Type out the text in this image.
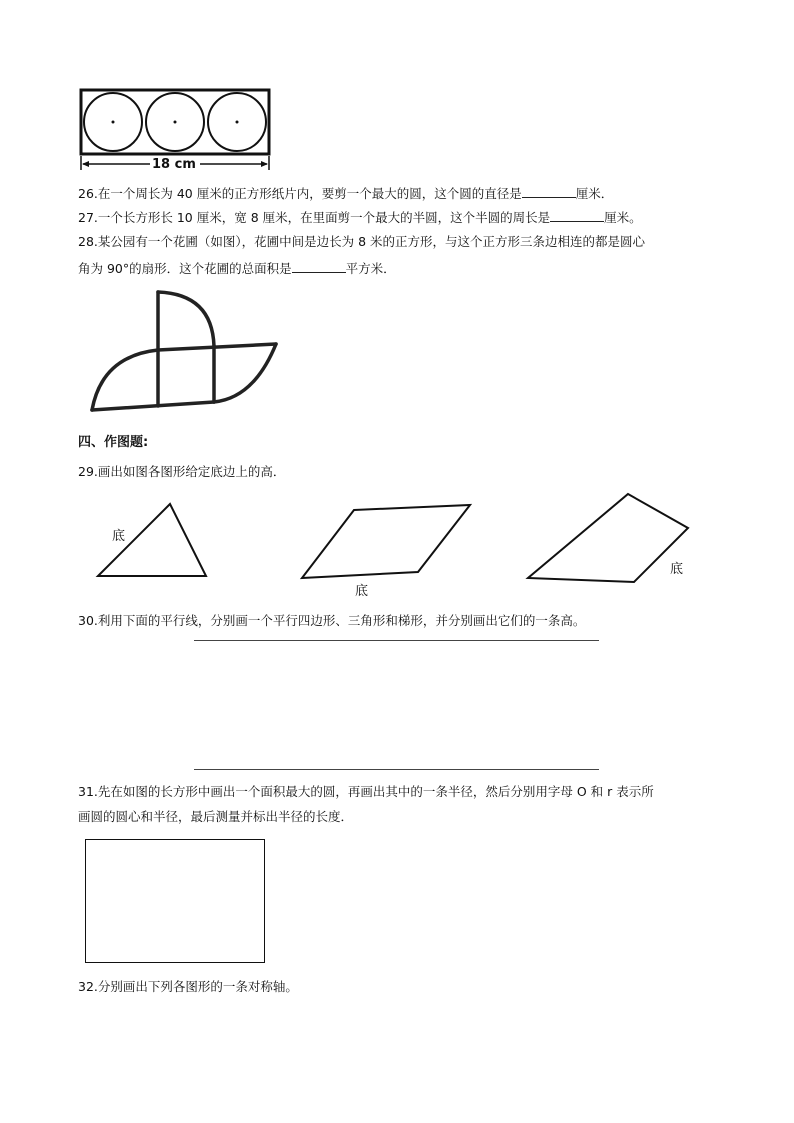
18 cm
26.在一个周长为 40 厘米的正方形纸片内，要剪一个最大的圆，这个圆的直径是	厘米．
27.一个长方形长 10 厘米，宽 8 厘米，在里面剪一个最大的半圆，这个半圆的周长是	厘米。
28.某公园有一个花圃（如图），花圃中间是边长为 8 米的正方形，与这个正方形三条边相连的都是圆心
角为 90°的扇形．这个花圃的总面积是	平方米．
四、作图题:
29.画出如图各图形给定底边上的高．
底
底
底
30.利用下面的平行线，分别画一个平行四边形、三角形和梯形，并分别画出它们的一条高。
31.先在如图的长方形中画出一个面积最大的圆，再画出其中的一条半径，然后分别用字母 O 和 r 表示所
画圆的圆心和半径，最后测量并标出半径的长度．
32.分别画出下列各图形的一条对称轴。
